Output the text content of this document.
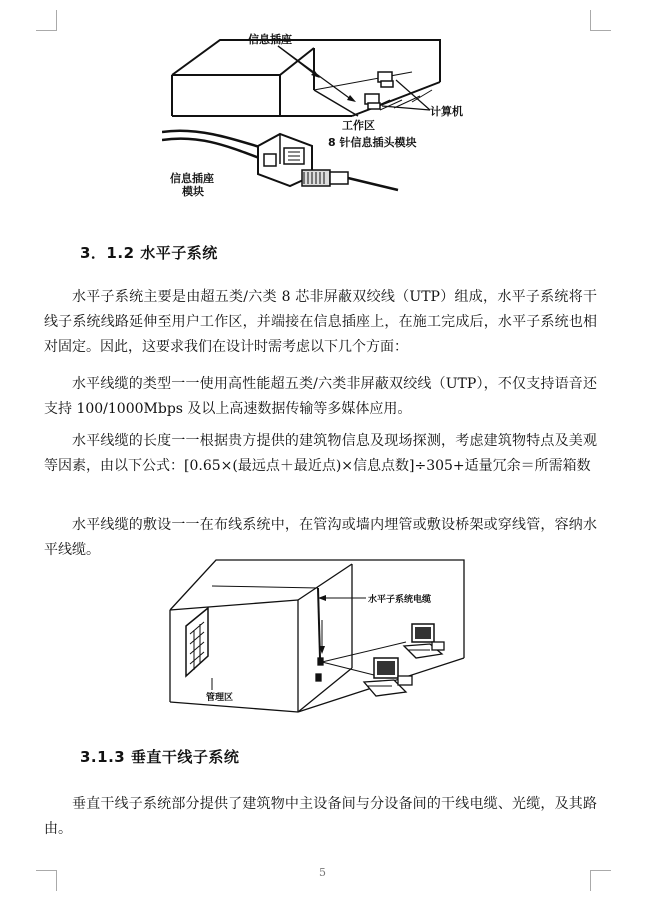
信息插座
计算机
工作区
8 针信息插头模块
信息插座
模块
3．1.2 水平子系统

水平子系统主要是由超五类/六类 8 芯非屏蔽双绞线（UTP）组成，水平子系统将干线子系统线路延伸至用户工作区，并端接在信息插座上，在施工完成后，水平子系统也相对固定。因此，这要求我们在设计时需考虑以下几个方面：

水平线缆的类型一一使用高性能超五类/六类非屏蔽双绞线（UTP），不仅支持语音还支持 100/1000Mbps 及以上高速数据传输等多媒体应用。

水平线缆的长度一一根据贵方提供的建筑物信息及现场探测，考虑建筑物特点及美观等因素，由以下公式：[0.65×(最远点＋最近点)×信息点数]÷305+适量冗余＝所需箱数

水平线缆的敷设一一在布线系统中，在管沟或墙内埋管或敷设桥架或穿线管，容纳水平线缆。

水平子系统电缆
管理区
3.1.3 垂直干线子系统

垂直干线子系统部分提供了建筑物中主设备间与分设备间的干线电缆、光缆，及其路由。

5
